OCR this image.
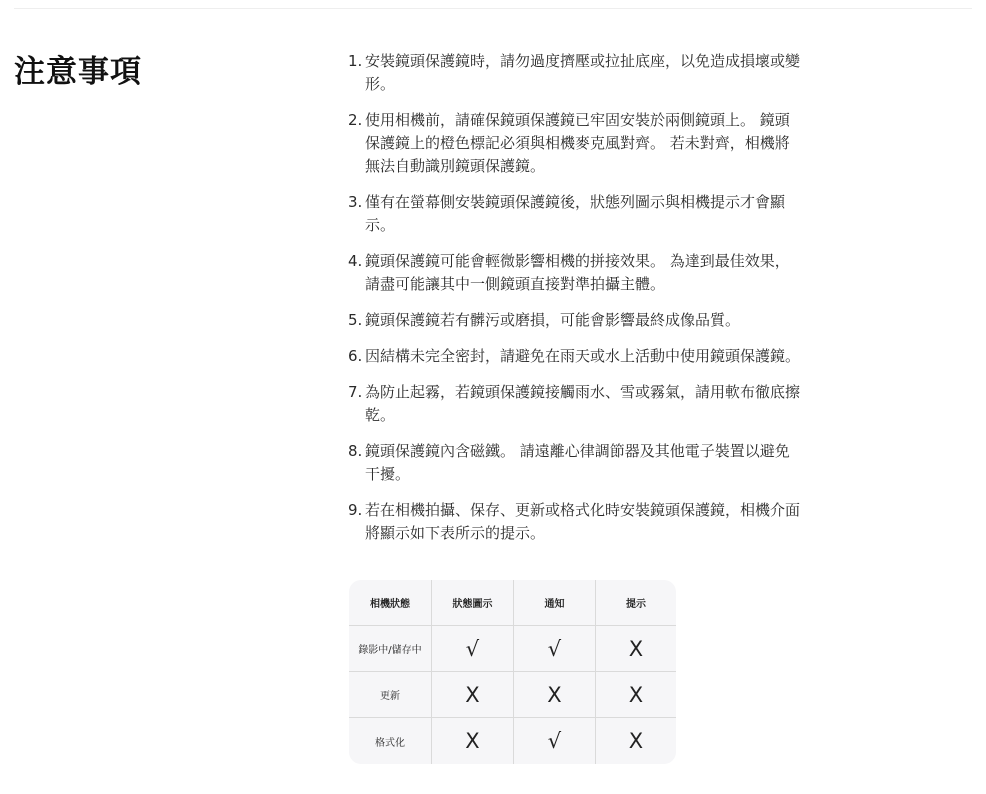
注意事項	1. 安裝鏡頭保護鏡時，請勿過度擠壓或拉扯底座，以免造成損壞或變形。
2. 使用相機前，請確保鏡頭保護鏡已牢固安裝於兩側鏡頭上。 鏡頭保護鏡上的橙色標記必須與相機麥克風對齊。 若未對齊，相機將無法自動識別鏡頭保護鏡。
3. 僅有在螢幕側安裝鏡頭保護鏡後，狀態列圖示與相機提示才會顯示。
4. 鏡頭保護鏡可能會輕微影響相機的拼接效果。 為達到最佳效果，請盡可能讓其中一側鏡頭直接對準拍攝主體。
5. 鏡頭保護鏡若有髒污或磨損，可能會影響最終成像品質。
6. 因結構未完全密封，請避免在雨天或水上活動中使用鏡頭保護鏡。
7. 為防止起霧，若鏡頭保護鏡接觸雨水、雪或霧氣，請用軟布徹底擦乾。
8. 鏡頭保護鏡內含磁鐵。 請遠離心律調節器及其他電子裝置以避免干擾。
9. 若在相機拍攝、保存、更新或格式化時安裝鏡頭保護鏡，相機介面將顯示如下表所示的提示。
相機狀態	狀態圖示	通知	提示
錄影中/儲存中	√	√	X
更新	X	X	X
格式化	X	√	X
